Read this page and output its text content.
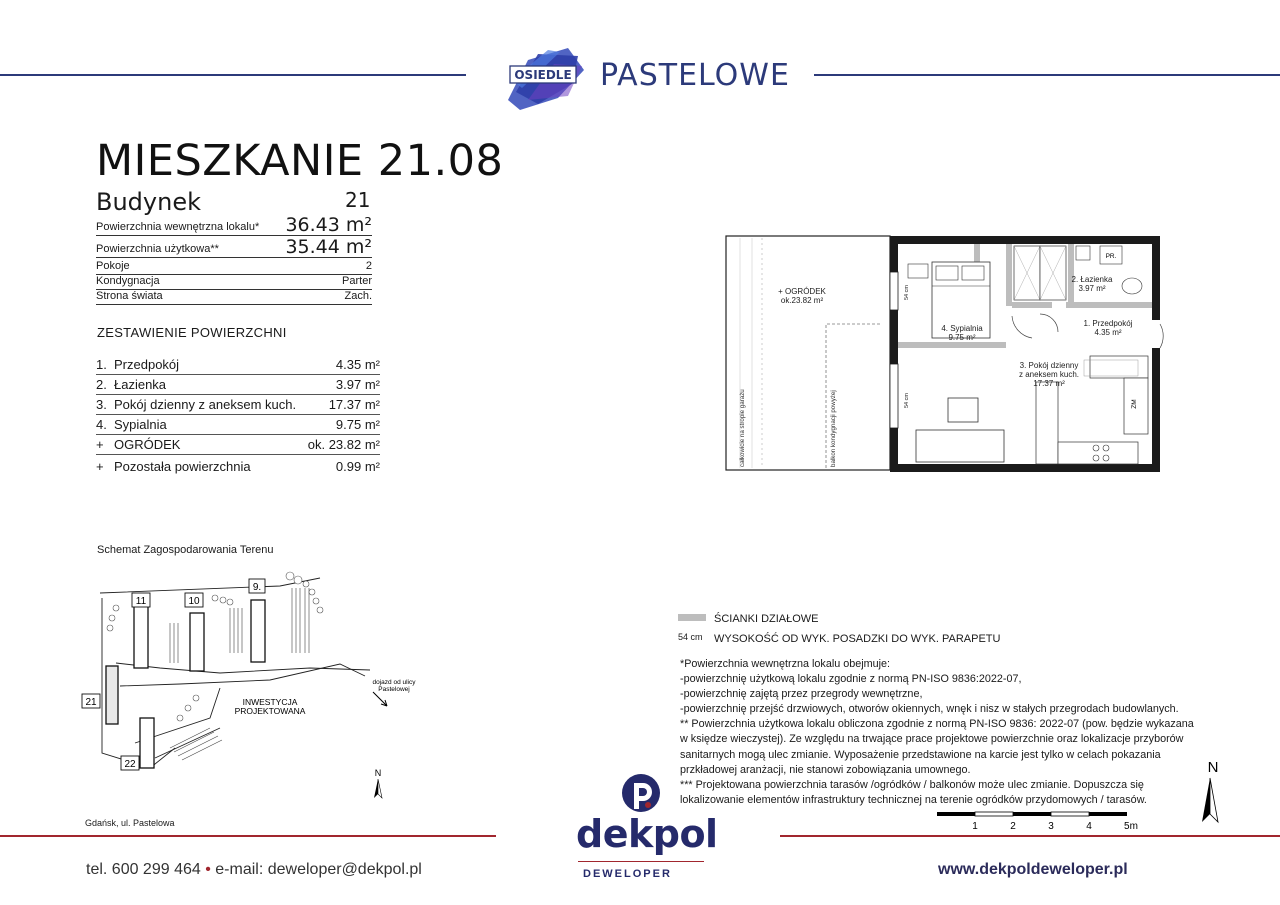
OSIEDLE PASTELOWE
MIESZKANIE 21.08
Budynek	21
Powierzchnia wewnętrzna lokalu* 36.43 m²
Powierzchnia użytkowa**	35.44 m²
Pokoje	2
Kondygnacja	Parter
Strona świata	Zach.
ZESTAWIENIE POWIERZCHNI
1. Przedpokój	4.35 m²
2. Łazienka	3.97 m²
3. Pokój dzienny z aneksem kuch.	17.37 m²
4. Sypialnia	9.75 m²
+ OGRÓDEK	ok. 23.82 m²
+ Pozostała powierzchnia	0.99 m²
Schemat Zagospodarowania Terenu
11	10
9.
21
22
INWESTYCJA
PROJEKTOWANA
dojazd od ulicy
Pastelowej
N
Gdańsk, ul. Pastelowa
+ OGRÓDEK
ok.23.82 m²
całkowicie na stropie garażu	balkon kondygnacji powyżej
PR.
ZM
2. Łazienka
3.97 m²
1. Przedpokój
4.35 m²
4. Sypialnia
9.75 m²
3. Pokój dzienny
z aneksem kuch.
17.37 m²
54 cm
54 cm
ŚCIANKI DZIAŁOWE
54 cm WYSOKOŚĆ OD WYK. POSADZKI DO WYK. PARAPETU
*Powierzchnia wewnętrzna lokalu obejmuje:
-powierzchnię użytkową lokalu zgodnie z normą PN-ISO 9836:2022-07,
-powierzchnię zajętą przez przegrody wewnętrzne,
-powierzchnię przejść drzwiowych, otworów okiennych, wnęk i nisz w stałych przegrodach budowlanych.
** Powierzchnia użytkowa lokalu obliczona zgodnie z normą PN-ISO 9836: 2022-07 (pow. będzie wykazana
w księdze wieczystej). Ze względu na trwające prace projektowe powierzchnie oraz lokalizacje przyborów
sanitarnych mogą ulec zmianie. Wyposażenie przedstawione na karcie jest tylko w celach pokazania
przkładowej aranżacji, nie stanowi zobowiązania umownego.
*** Projektowana powierzchnia tarasów /ogródków / balkonów może ulec zmianie. Dopuszcza się
lokalizowanie elementów infrastruktury technicznej na terenie ogródków przydomowych / tarasów.
1	2	3	4	5m
N
tel. 600 299 464 • e-mail: deweloper@dekpol.pl	www.dekpoldeweloper.pl
dekpol
DEWELOPER
